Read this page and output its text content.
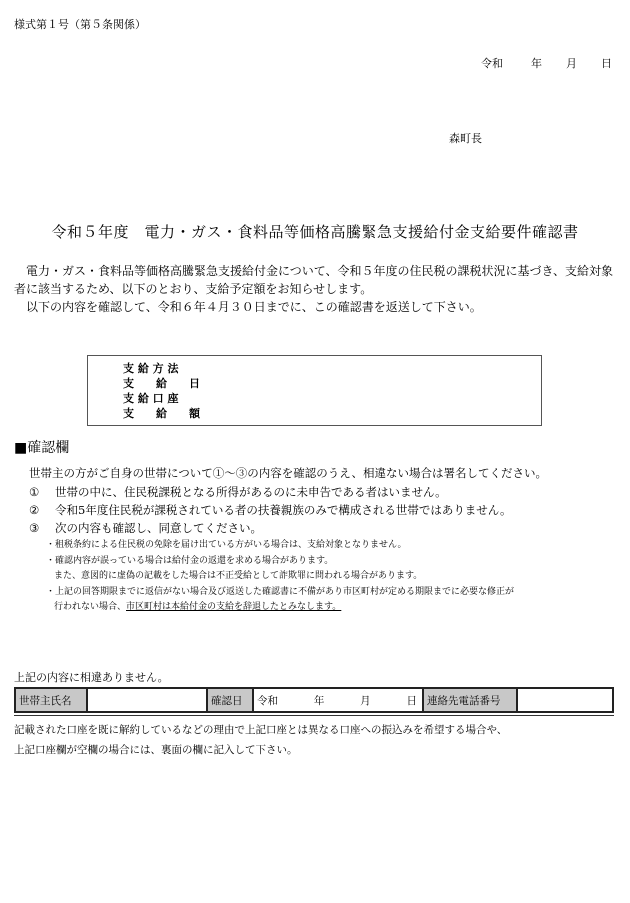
様式第１号（第５条関係）
令和	年 月 日
森町長
令和５年度　電力・ガス・食料品等価格高騰緊急支援給付金支給要件確認書

　電力・ガス・食料品等価格高騰緊急支援給付金について、令和５年度の住民税の課税状況に基づき、支給対象者に該当するため、以下のとおり、支給予定額をお知らせします。

　以下の内容を確認して、令和６年４月３０日までに、この確認書を返送して下さい。

支 給 方 法
支　　給　　日
支 給 口 座
支　　給　　額
■確認欄
世帯主の方がご自身の世帯について①～③の内容を確認のうえ、相違ない場合は署名してください。
① 世帯の中に、住民税課税となる所得があるのに未申告である者はいません。
② 令和5年度住民税が課税されている者の扶養親族のみで構成される世帯ではありません。
③ 次の内容も確認し、同意してください。
・租税条約による住民税の免除を届け出ている方がいる場合は、支給対象となりません。
・確認内容が誤っている場合は給付金の返還を求める場合があります。
また、意図的に虚偽の記載をした場合は不正受給として詐欺罪に問われる場合があります。
・上記の回答期限までに返信がない場合及び返送した確認書に不備があり市区町村が定める期限までに必要な修正が
行われない場合、市区町村は本給付金の支給を辞退したとみなします。
上記の内容に相違ありません。
世帯主氏名		確認日	令和	年	月	日	連絡先電話番号	

記載された口座を既に解約しているなどの理由で上記口座とは異なる口座への振込みを希望する場合や、

上記口座欄が空欄の場合には、裏面の欄に記入して下さい。
